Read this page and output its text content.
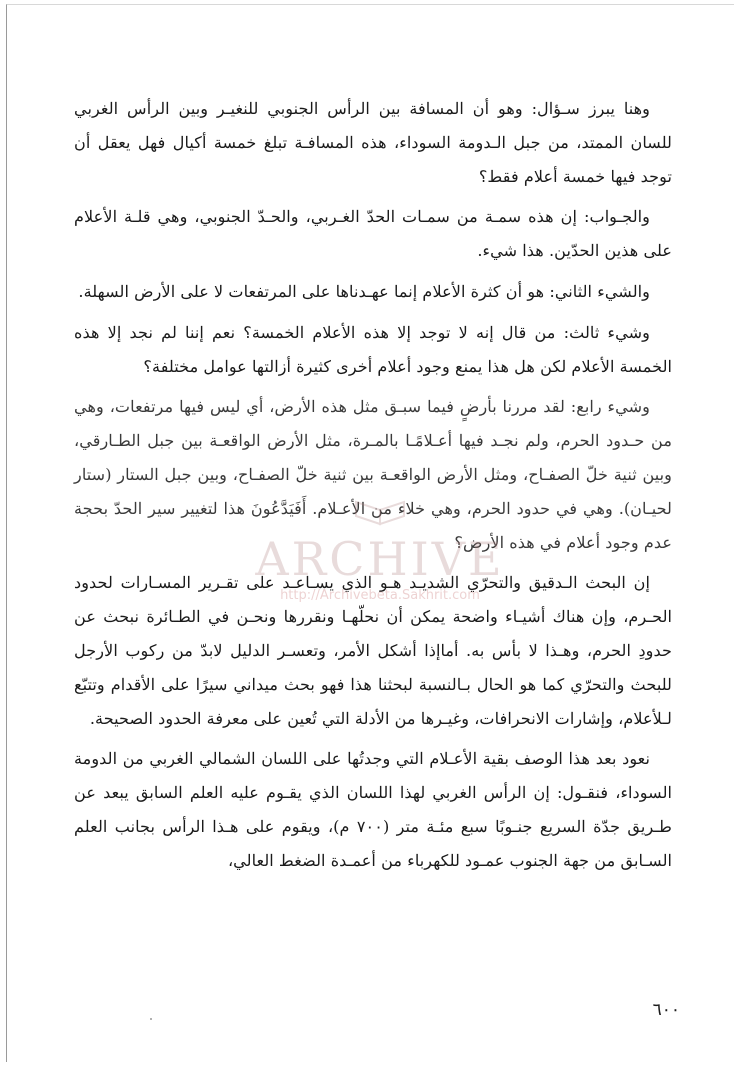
وهنا يبرز سـؤال: وهو أن المسافة بين الرأس الجنوبي للنغيـر وبين الرأس الغربي للسان الممتد، من جبل الـدومة السوداء، هذه المسافـة تبلغ خمسة أكيال فهل يعقل أن توجد فيها خمسة أعلام فقط؟

والجـواب: إن هذه سمـة من سمـات الحدّ الغـربي، والحـدّ الجنوبي، وهي قلـة الأعلام على هذين الحدّين. هذا شيء.

والشيء الثاني: هو أن كثرة الأعلام إنما عهـدناها على المرتفعات لا على الأرض السهلة.

وشيء ثالث: من قال إنه لا توجد إلا هذه الأعلام الخمسة؟ نعم إننا لم نجد إلا هذه الخمسة الأعلام لكن هل هذا يمنع وجود أعلام أخرى كثيرة أزالتها عوامل مختلفة؟

وشيء رابع: لقد مررنا بأرضٍ فيما سبـق مثل هذه الأرض، أي ليس فيها مرتفعات، وهي من حـدود الحرم، ولم نجـد فيها أعـلامًـا بالمـرة، مثل الأرض الواقعـة بين جبل الطـارقي، وبين ثنية خلّ الصفـاح، ومثل الأرض الواقعـة بين ثنية خلّ الصفـاح، وبين جبل الستار (ستار لحيـان). وهي في حدود الحرم، وهي خلاء من الأعـلام. أَفَيَدَّعُونَ هذا لتغيير سير الحدّ بحجة عدم وجود أعلام في هذه الأرض؟

إن البحث الـدقيق والتحرّي الشديـد هـو الذي يسـاعـد على تقـرير المسـارات لحدود الحـرم، وإن هناك أشيـاء واضحة يمكن أن نحلّهـا ونقررها ونحـن في الطـائرة نبحث عن حدودِ الحرم، وهـذا لا بأس به. أماإذا أشكل الأمر، وتعسـر الدليل لابدّ من ركوب الأرجل للبحث والتحرّي كما هو الحال بـالنسبة لبحثنا هذا فهو بحث ميداني سيرًا على الأقدام وتتبّع لـلأعلام، وإشارات الانحرافات، وغيـرها من الأدلة التي تُعين على معرفة الحدود الصحيحة.

نعود بعد هذا الوصف بقية الأعـلام التي وجدتُها على اللسان الشمالي الغربي من الدومة السوداء، فنقـول: إن الرأس الغربي لهذا اللسان الذي يقـوم عليه العلم السابق يبعد عن طـريق جدّة السريع جنـوبًا سبع مئـة متر (٧٠٠ م)، ويقوم على هـذا الرأس بجانب العلم السـابق من جهة الجنوب عمـود للكهرباء من أعمـدة الضغط العالي،

ARCHIVE
http://Archivebeta.Sakhrit.com
٦٠٠
